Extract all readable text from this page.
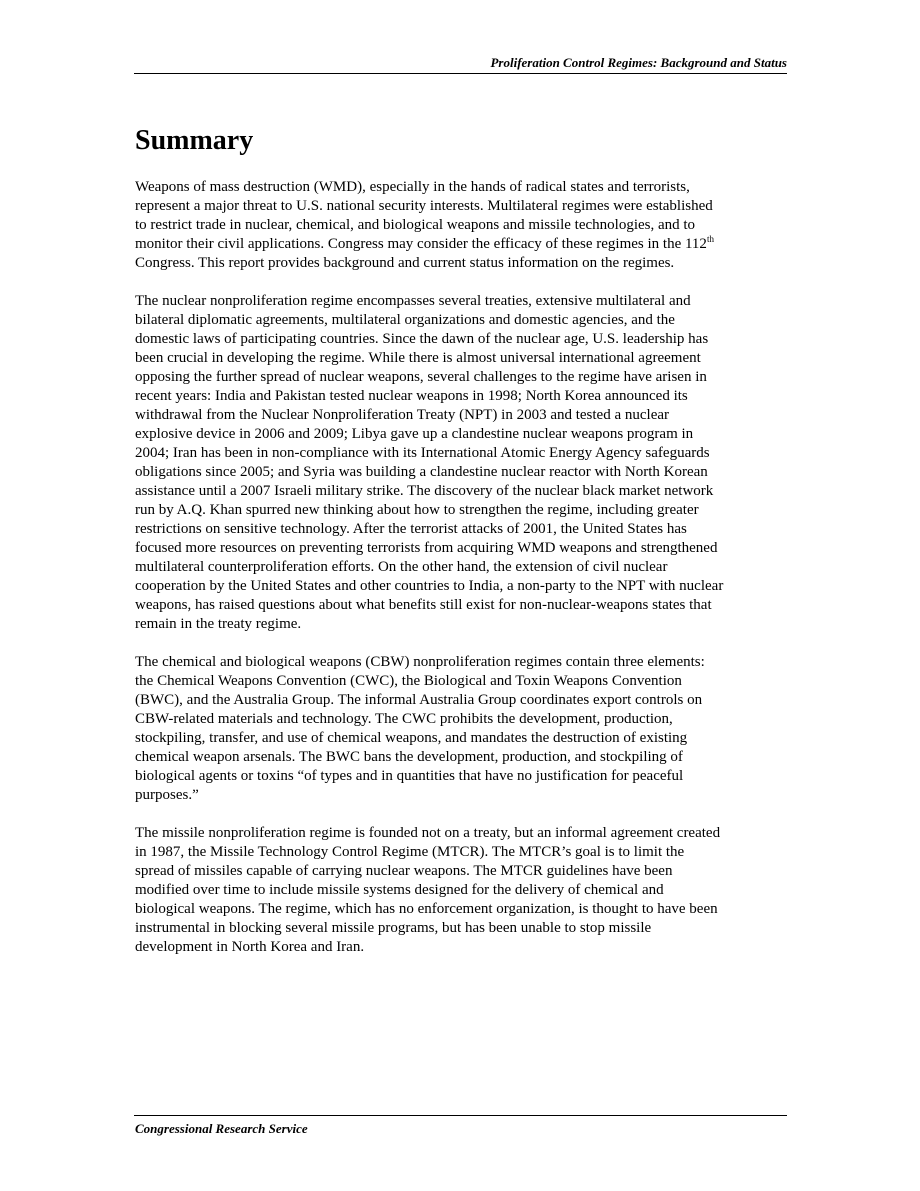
Proliferation Control Regimes: Background and Status
Summary

Weapons of mass destruction (WMD), especially in the hands of radical states and terrorists,
represent a major threat to U.S. national security interests. Multilateral regimes were established
to restrict trade in nuclear, chemical, and biological weapons and missile technologies, and to
monitor their civil applications. Congress may consider the efficacy of these regimes in the 112th
Congress. This report provides background and current status information on the regimes.

The nuclear nonproliferation regime encompasses several treaties, extensive multilateral and
bilateral diplomatic agreements, multilateral organizations and domestic agencies, and the
domestic laws of participating countries. Since the dawn of the nuclear age, U.S. leadership has
been crucial in developing the regime. While there is almost universal international agreement
opposing the further spread of nuclear weapons, several challenges to the regime have arisen in
recent years: India and Pakistan tested nuclear weapons in 1998; North Korea announced its
withdrawal from the Nuclear Nonproliferation Treaty (NPT) in 2003 and tested a nuclear
explosive device in 2006 and 2009; Libya gave up a clandestine nuclear weapons program in
2004; Iran has been in non-compliance with its International Atomic Energy Agency safeguards
obligations since 2005; and Syria was building a clandestine nuclear reactor with North Korean
assistance until a 2007 Israeli military strike. The discovery of the nuclear black market network
run by A.Q. Khan spurred new thinking about how to strengthen the regime, including greater
restrictions on sensitive technology. After the terrorist attacks of 2001, the United States has
focused more resources on preventing terrorists from acquiring WMD weapons and strengthened
multilateral counterproliferation efforts. On the other hand, the extension of civil nuclear
cooperation by the United States and other countries to India, a non-party to the NPT with nuclear
weapons, has raised questions about what benefits still exist for non-nuclear-weapons states that
remain in the treaty regime.

The chemical and biological weapons (CBW) nonproliferation regimes contain three elements:
the Chemical Weapons Convention (CWC), the Biological and Toxin Weapons Convention
(BWC), and the Australia Group. The informal Australia Group coordinates export controls on
CBW-related materials and technology. The CWC prohibits the development, production,
stockpiling, transfer, and use of chemical weapons, and mandates the destruction of existing
chemical weapon arsenals. The BWC bans the development, production, and stockpiling of
biological agents or toxins “of types and in quantities that have no justification for peaceful
purposes.”

The missile nonproliferation regime is founded not on a treaty, but an informal agreement created
in 1987, the Missile Technology Control Regime (MTCR). The MTCR’s goal is to limit the
spread of missiles capable of carrying nuclear weapons. The MTCR guidelines have been
modified over time to include missile systems designed for the delivery of chemical and
biological weapons. The regime, which has no enforcement organization, is thought to have been
instrumental in blocking several missile programs, but has been unable to stop missile
development in North Korea and Iran.

Congressional Research Service
